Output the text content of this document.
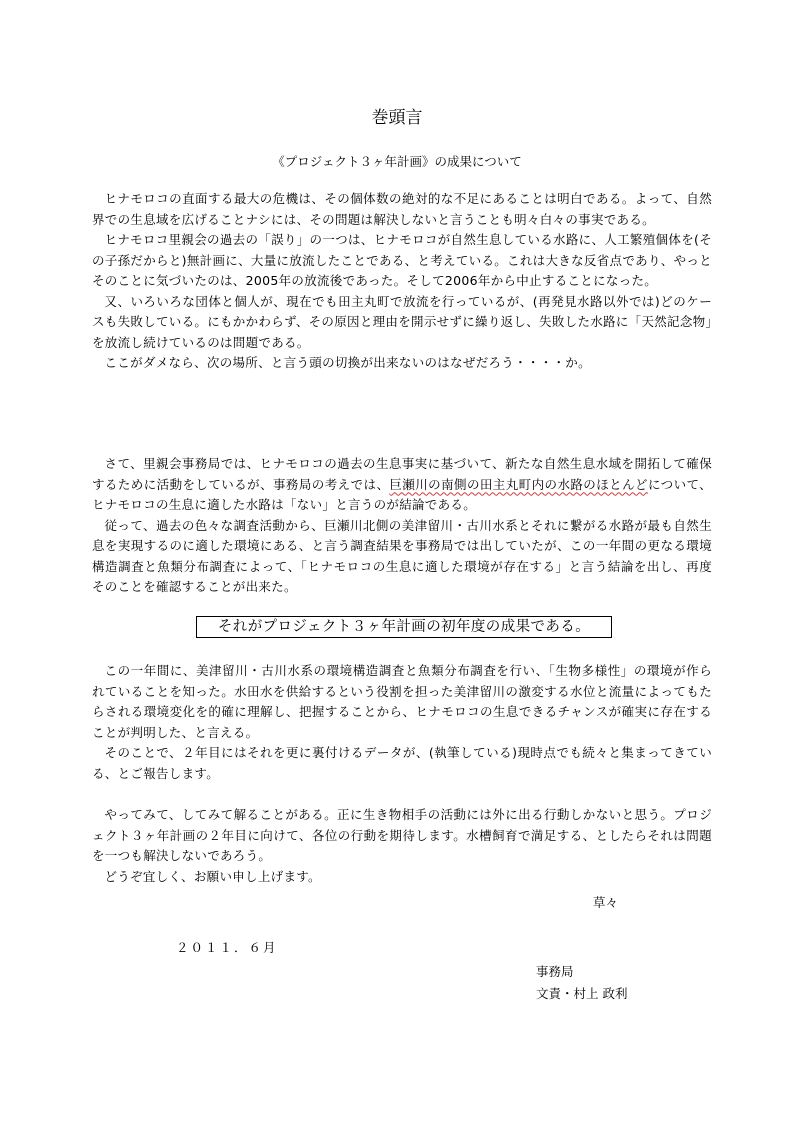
巻頭言
《プロジェクト３ヶ年計画》の成果について

ヒナモロコの直面する最大の危機は、その個体数の絶対的な不足にあることは明白である。よって、自然界での生息域を広げることナシには、その問題は解決しないと言うことも明々白々の事実である。

ヒナモロコ里親会の過去の「誤り」の一つは、ヒナモロコが自然生息している水路に、人工繁殖個体を(その子孫だからと)無計画に、大量に放流したことである、と考えている。これは大きな反省点であり、やっとそのことに気づいたのは、2005年の放流後であった。そして2006年から中止することになった。

又、いろいろな団体と個人が、現在でも田主丸町で放流を行っているが、(再発見水路以外では)どのケースも失敗している。にもかかわらず、その原因と理由を開示せずに繰り返し、失敗した水路に「天然記念物」を放流し続けているのは問題である。

ここがダメなら、次の場所、と言う頭の切換が出来ないのはなぜだろう・・・・か。

さて、里親会事務局では、ヒナモロコの過去の生息事実に基づいて、新たな自然生息水域を開拓して確保するために活動をしているが、事務局の考えでは、巨瀬川の南側の田主丸町内の水路のほとんどについて、ヒナモロコの生息に適した水路は「ない」と言うのが結論である。

従って、過去の色々な調査活動から、巨瀬川北側の美津留川・古川水系とそれに繋がる水路が最も自然生息を実現するのに適した環境にある、と言う調査結果を事務局では出していたが、この一年間の更なる環境構造調査と魚類分布調査によって、「ヒナモロコの生息に適した環境が存在する」と言う結論を出し、再度そのことを確認することが出来た。

それがプロジェクト３ヶ年計画の初年度の成果である。

この一年間に、美津留川・古川水系の環境構造調査と魚類分布調査を行い、「生物多様性」の環境が作られていることを知った。水田水を供給するという役割を担った美津留川の激変する水位と流量によってもたらされる環境変化を的確に理解し、把握することから、ヒナモロコの生息できるチャンスが確実に存在することが判明した、と言える。

そのことで、２年目にはそれを更に裏付けるデータが、(執筆している)現時点でも続々と集まってきている、とご報告します。

やってみて、してみて解ることがある。正に生き物相手の活動には外に出る行動しかないと思う。プロジェクト３ヶ年計画の２年目に向けて、各位の行動を期待します。水槽飼育で満足する、としたらそれは問題を一つも解決しないであろう。

どうぞ宜しく、お願い申し上げます。

草々
２０１１．６月
事務局
文責・村上 政利
